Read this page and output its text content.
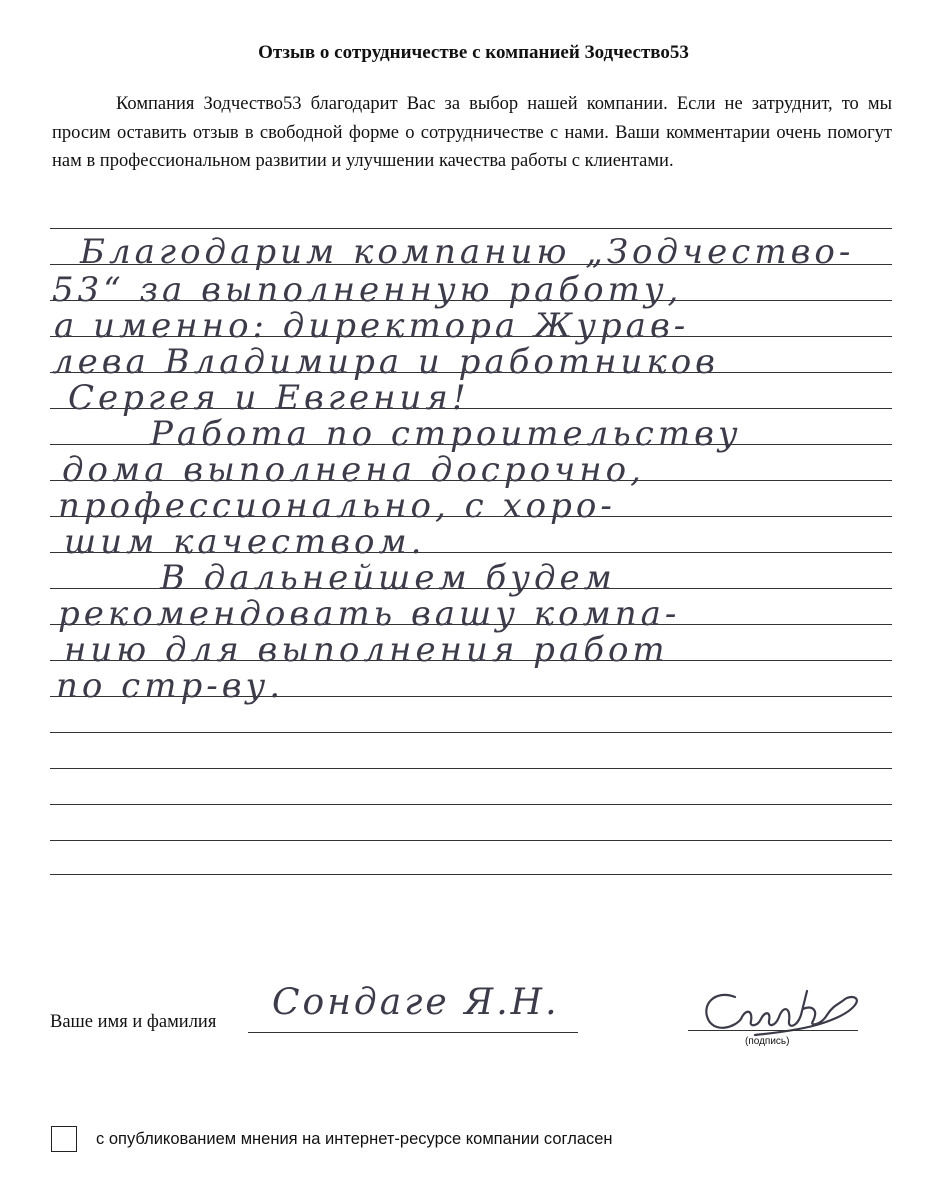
Отзыв о сотрудничестве с компанией Зодчество53
Компания Зодчество53 благодарит Вас за выбор нашей компании. Если не затруднит, то мы просим оставить отзыв в свободной форме о сотрудничестве с нами. Ваши комментарии очень помогут нам в профессиональном развитии и улучшении качества работы с клиентами.
Благодарим компанию „Зодчество-
53“ за выполненную работу,
а именно: директора Журав-
лева Владимира и работников
Сергея и Евгения!
Работа по строительству
дома выполнена досрочно,
профессионально, с хоро-
шим качеством.
В дальнейшем будем
рекомендовать вашу компа-
нию для выполнения работ
по стр-ву.
Ваше имя и фамилия Сондаге Я.Н.
(подпись)
с опубликованием мнения на интернет-ресурсе компании согласен
